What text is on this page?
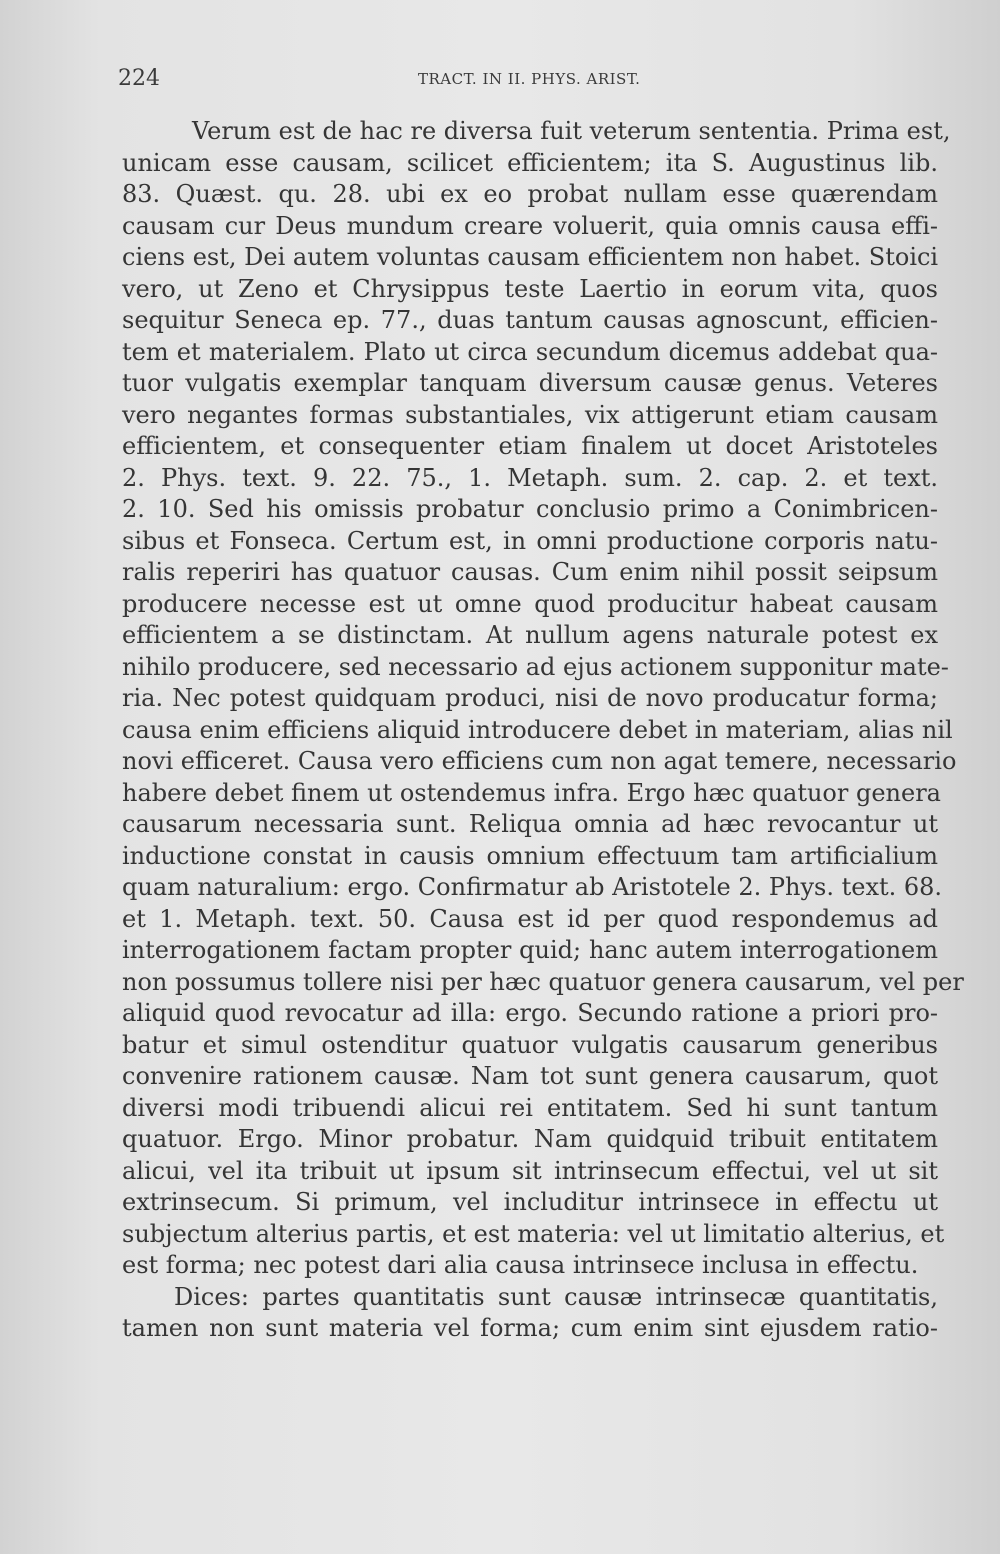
224	TRACT. IN II. PHYS. ARIST.
Verum est de hac re diversa fuit veterum sententia. Prima est,
unicam esse causam, scilicet efficientem; ita S. Augustinus lib.
83. Quæst. qu. 28. ubi ex eo probat nullam esse quærendam
causam cur Deus mundum creare voluerit, quia omnis causa effi-
ciens est, Dei autem voluntas causam efficientem non habet. Stoici
vero, ut Zeno et Chrysippus teste Laertio in eorum vita, quos
sequitur Seneca ep. 77., duas tantum causas agnoscunt, efficien-
tem et materialem. Plato ut circa secundum dicemus addebat qua-
tuor vulgatis exemplar tanquam diversum causæ genus. Veteres
vero negantes formas substantiales, vix attigerunt etiam causam
efficientem, et consequenter etiam finalem ut docet Aristoteles
2. Phys. text. 9. 22. 75., 1. Metaph. sum. 2. cap. 2. et text.
2. 10. Sed his omissis probatur conclusio primo a Conimbricen-
sibus et Fonseca. Certum est, in omni productione corporis natu-
ralis reperiri has quatuor causas. Cum enim nihil possit seipsum
producere necesse est ut omne quod producitur habeat causam
efficientem a se distinctam. At nullum agens naturale potest ex
nihilo producere, sed necessario ad ejus actionem supponitur mate-
ria. Nec potest quidquam produci, nisi de novo producatur forma;
causa enim efficiens aliquid introducere debet in materiam, alias nil
novi efficeret. Causa vero efficiens cum non agat temere, necessario
habere debet finem ut ostendemus infra. Ergo hæc quatuor genera
causarum necessaria sunt. Reliqua omnia ad hæc revocantur ut
inductione constat in causis omnium effectuum tam artificialium
quam naturalium: ergo. Confirmatur ab Aristotele 2. Phys. text. 68.
et 1. Metaph. text. 50. Causa est id per quod respondemus ad
interrogationem factam propter quid; hanc autem interrogationem
non possumus tollere nisi per hæc quatuor genera causarum, vel per
aliquid quod revocatur ad illa: ergo. Secundo ratione a priori pro-
batur et simul ostenditur quatuor vulgatis causarum generibus
convenire rationem causæ. Nam tot sunt genera causarum, quot
diversi modi tribuendi alicui rei entitatem. Sed hi sunt tantum
quatuor. Ergo. Minor probatur. Nam quidquid tribuit entitatem
alicui, vel ita tribuit ut ipsum sit intrinsecum effectui, vel ut sit
extrinsecum. Si primum, vel includitur intrinsece in effectu ut
subjectum alterius partis, et est materia: vel ut limitatio alterius, et
est forma; nec potest dari alia causa intrinsece inclusa in effectu.
Dices: partes quantitatis sunt causæ intrinsecæ quantitatis,
tamen non sunt materia vel forma; cum enim sint ejusdem ratio-
